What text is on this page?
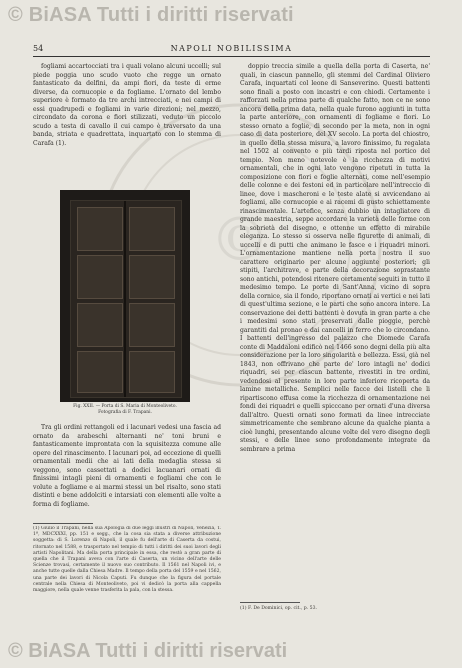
©
© BiASA Tutti i diritti riservati
54	NAPOLI NOBILISSIMA

fogliami accartocciati tra i quali volano alcuni uccelli; sul piede poggia uno scudo vuoto che regge un ornato fantasticato da delfini, da ampi fiori, da teste di erme diverse, da cornucopie e da fogliame. L'ornato del lembo superiore è formato da tre archi intrecciati, e nei campi di essi quadrupedi e fogliami in varie direzioni; nel mezzo, circondato da corona e fiori stilizzati, veduto un piccolo scudo a testa di cavallo il cui campo è traversato da una banda, striata e quadrettata, inquartato con lo stemma di Carafa (1).

Fig. XXII. — Porta di S. Maria di Monteoliveto.
Fotografia di F. Trapani.

Tra gli ordini rettangoli ed i lacunari vedesi una fascia ad ornato da arabeschi alternanti ne' toni bruni e fantasticamente improntata con la squisitezza comune alle opere del rinascimento. I lacunari poi, ad eccezione di quelli ornamentali medii che ai lati della medaglia stessa si veggono, sono cassettati a dodici lacuanari ornati di finissimi intagli pieni di ornamenti e fogliami che con le volute a fogliame e ai marmi stessi un bel risalto, sono stati distinti e bene addolciti e intarsiati con elementi alle volte a forma di fogliame.

(1) Giulio il Trapani, nella sua Apologia di due leggi illustri di Napoli, Venezia, T. 1ª, MDCXXXI, pp. 151 e segg., che la cosa sia stata a diverse attribuzione soggetta: di S. Lorenzo di Napoli, il quale fu dell'arte di Caserta da costui, ritornato nel 1588, e trasportato nel tempio di tutti i diritti dei suoi lavori degli artisti Napolitani. Ma della porta principale in essa, che restò a gran parte di quella che il Trapani aveva con l'arte di Caserta, un vicino dell'arte delle Scienze trovasi, certamente il nuovo suo contributo. Il 1561 nel Napoli ivi, e anche tutte quelle dalla Chiesa Madre. Il tempo della porta del 1559 e nel 1562, una parte dei lavori di Nicola Caputi. Fu dunque che la figura del portale centrale nella Chiesa di Monteoliveto, poi vi dedicò la porta alla cappella maggiore, nella quale venne trasferita la pala, con la stessa.

doppio treccia simile a quella della porta di Caserta, ne' quali, in ciascun pannello, gli stemmi del Cardinal Oliviero Carafa, inquartati col leone di Sanseverino. Questi battenti sono finali a posto con incastri e con chiodi. Certamente i rafforzati nella prima parte di qualche fatto, non ce ne sono ancora della prima data, nella quale furono aggiunti in tutta la parte anteriore, con ornamenti di fogliame e fiori. Lo stesso ornato a foglie, di secondo per la meta, non in ogni caso di data posteriore, del XV secolo. La porta del chiostro, in quello della stessa misura, a lavoro finissimo, fu regalata nel 1502 al convento e più tardi riposta nel portico del tempio. Non meno notevole è la ricchezza di motivi ornamentali, che in ogni lato vengono ripetuti in tutta la composizione con fiori e foglie alternati, come nell'esempio delle colonne e dei festoni ed in particolare nell'intreccio di linee, dove i mascheroni e le teste alate si avvicendano ai fogliami, alle cornucopie e ai racemi di gusto schiettamente rinascimentale. L'artefice, senza dubbio un intagliatore di grande maestria, seppe accordare la varietà delle forme con la sobrietà del disegno, e ottenne un effetto di mirabile eleganza. Lo stesso si osserva nelle figurette di animali, di uccelli e di putti che animano le fasce e i riquadri minori. L'ornamentazione mantiene nella porta nostra il suo carattere originario per alcune aggiunte posteriori; gli stipiti, l'architrave, e parte della decorazione soprastante sono antichi, potendosi ritenere certamente seguiti in tutto il medesimo tempo. Le porte di Sant'Anna, vicino di sopra della cornice, sia il fondo, riportano ornati ai vertici e nei lati di quest'ultima sezione, e le parti che sono ancora intere. La conservazione dei detti battenti è dovuta in gran parte a che i medesimi sono stati preservati dalle pioggie, perchè garantiti dal pronao e dai cancelli in ferro che lo circondano. I battenti dell'ingresso del palazzo che Diomede Carafa conte di Maddaloni edificò nel 1466 sono degni della più alta considerazione per la loro singolarità e bellezza. Essi, già nel 1843, non offrivano che parte de' loro intagli ne' dodici riquadri, sei per ciascun battente, rivestiti in tre ordini, vedendosi al presente in loro parte inferiore ricoperta da lamine metalliche. Semplici nelle facce dei listelli che li ripartiscono effusa come la ricchezza di ornamentazione nei fondi dei riquadri e quelli spicccano per ornati d'una diversa dall'altro. Questi ornati sono formati da linee intrecciate simmetricamente che sembrano alcune da qualche pianta a cioè lunghi, presentando alcune volte del vero disegno degli stessi, e delle linee sono profondamente integrate da sembrare a prima

(1) F. De Dominici, op. cit., p. 53.
© BiASA Tutti i diritti riservati
